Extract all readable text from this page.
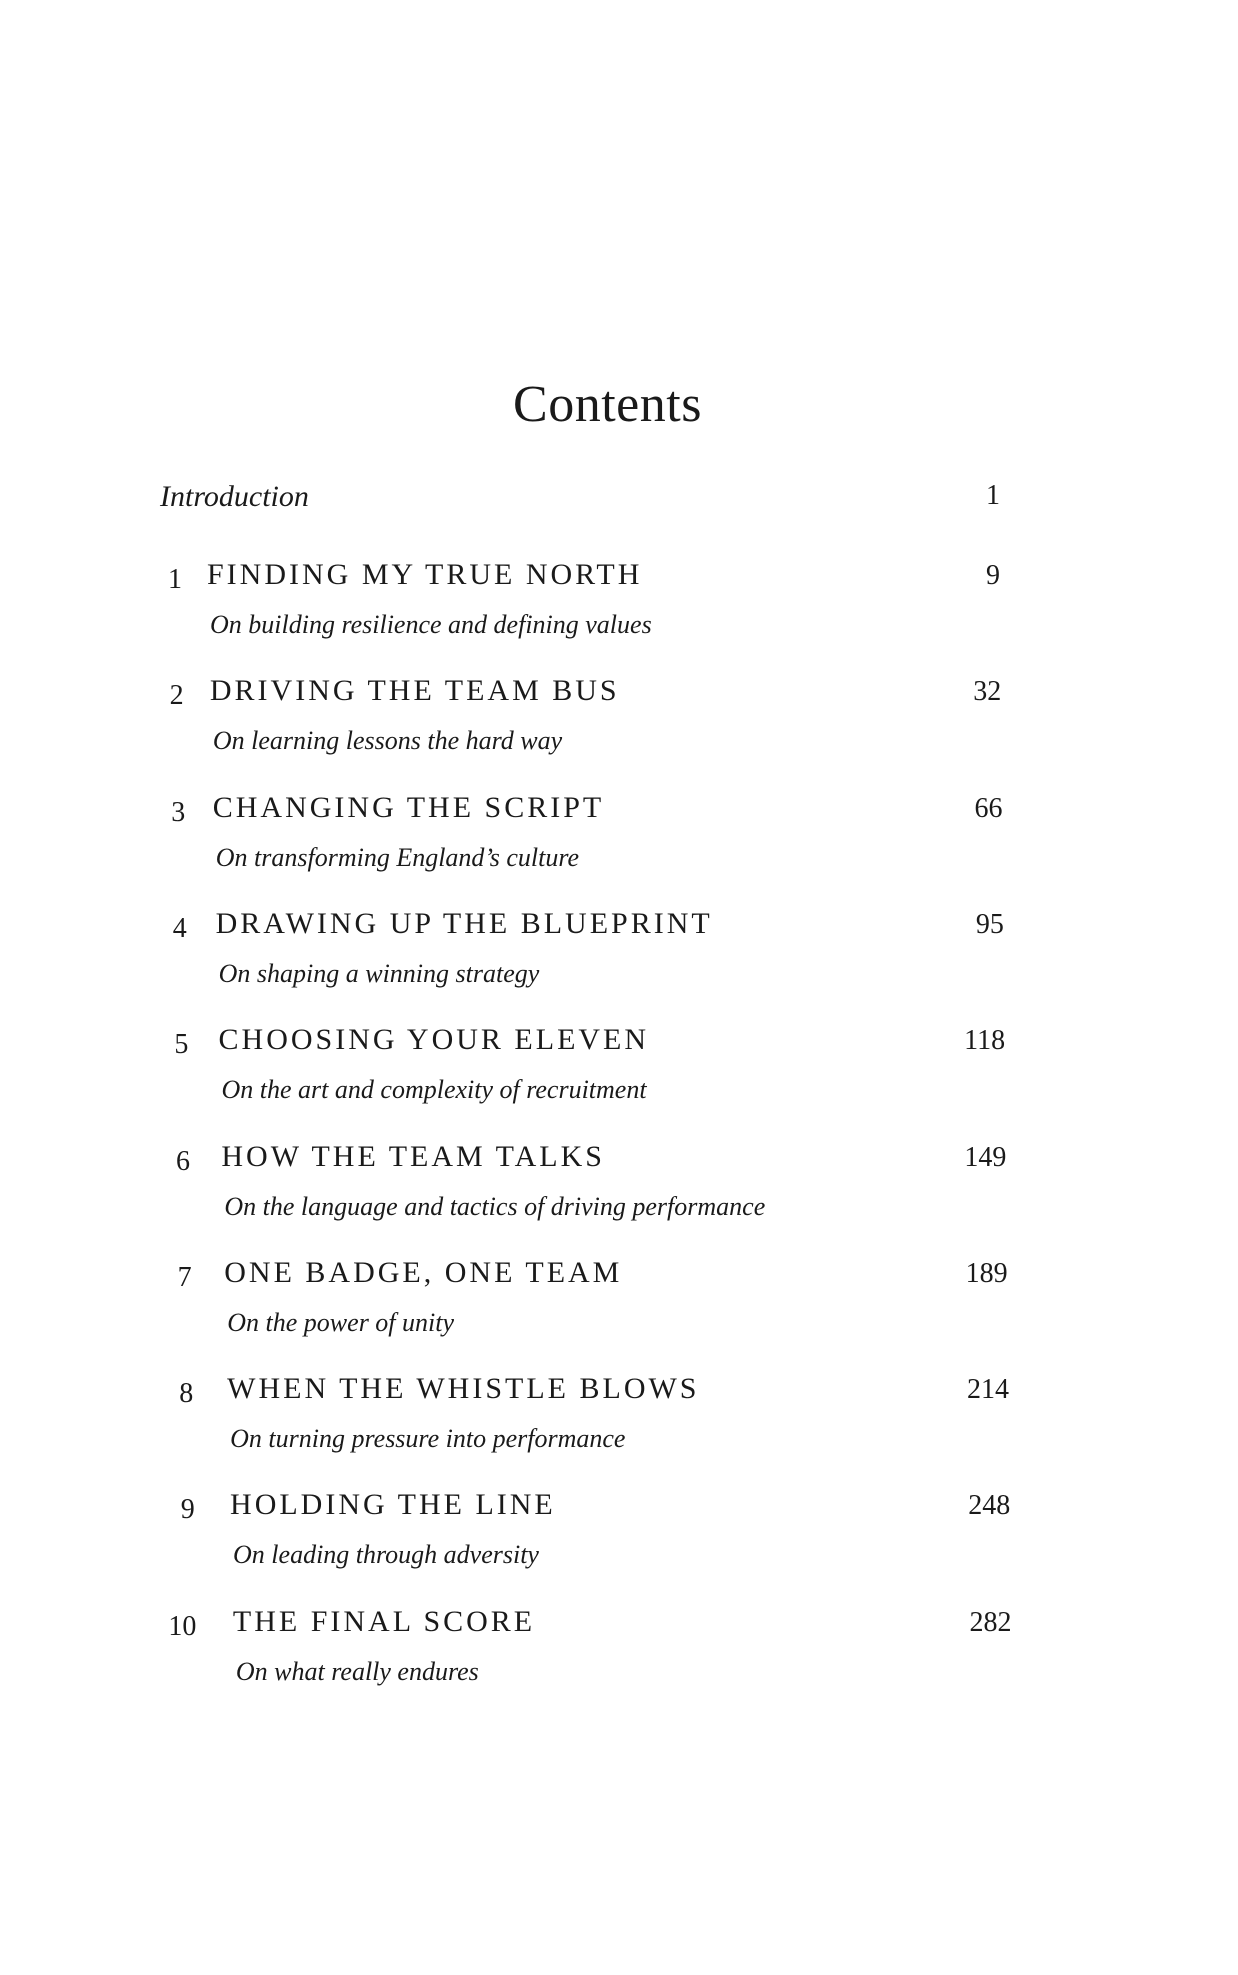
Contents
Introduction	1
1 FINDING MY TRUE NORTH
On building resilience and defining values
9
2 DRIVING THE TEAM BUS
On learning lessons the hard way
32
3 CHANGING THE SCRIPT
On transforming England’s culture
66
4 DRAWING UP THE BLUEPRINT
On shaping a winning strategy
95
5 CHOOSING YOUR ELEVEN
On the art and complexity of recruitment
118
6 HOW THE TEAM TALKS
On the language and tactics of driving performance
149
7 ONE BADGE, ONE TEAM
On the power of unity
189
8 WHEN THE WHISTLE BLOWS
On turning pressure into performance
214
9 HOLDING THE LINE
On leading through adversity
248
10 THE FINAL SCORE
On what really endures
282
